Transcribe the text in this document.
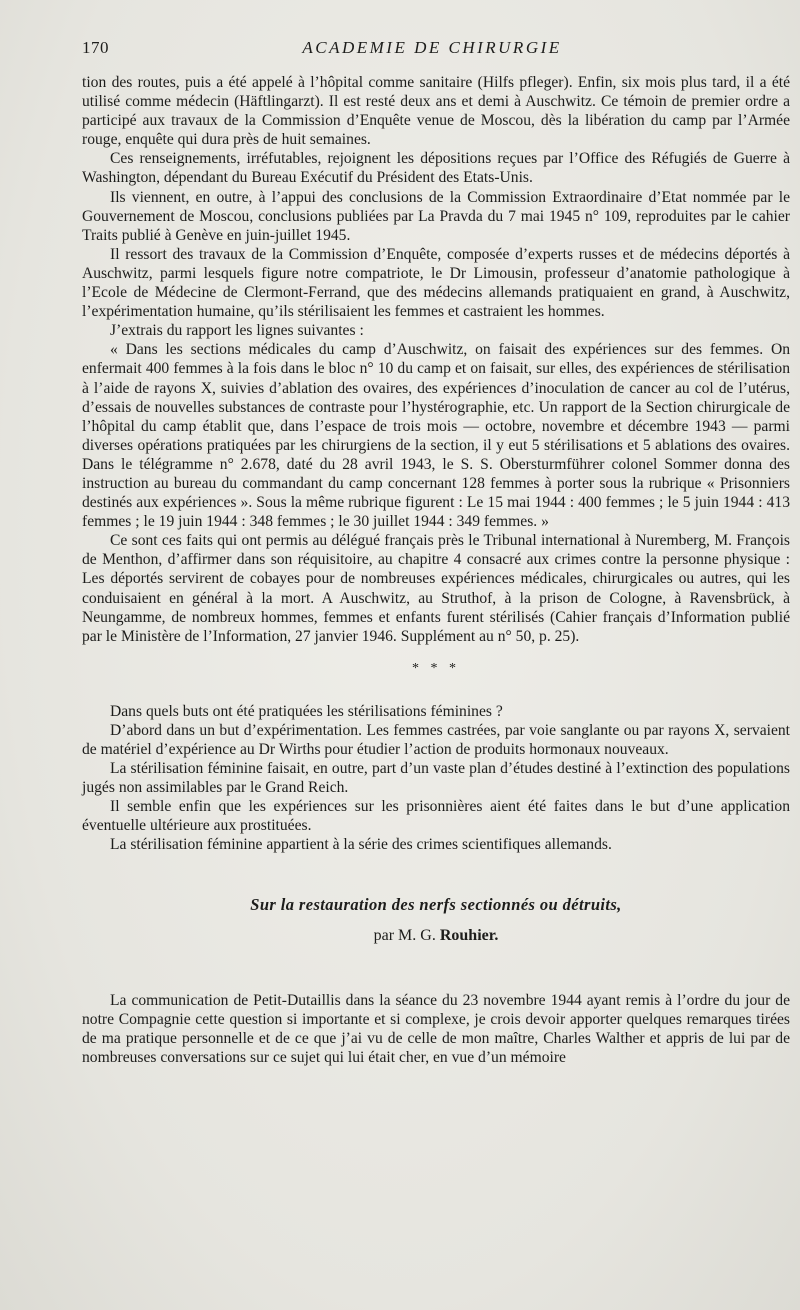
170	ACADEMIE DE CHIRURGIE

tion des routes, puis a été appelé à l’hôpital comme sanitaire (Hilfs pfleger). Enfin, six mois plus tard, il a été utilisé comme médecin (Häftlingarzt). Il est resté deux ans et demi à Auschwitz. Ce témoin de premier ordre a participé aux travaux de la Commission d’Enquête venue de Moscou, dès la libération du camp par l’Armée rouge, enquête qui dura près de huit semaines.

Ces renseignements, irréfutables, rejoignent les dépositions reçues par l’Office des Réfugiés de Guerre à Washington, dépendant du Bureau Exécutif du Président des Etats-Unis.

Ils viennent, en outre, à l’appui des conclusions de la Commission Extraordinaire d’Etat nommée par le Gouvernement de Moscou, conclusions publiées par La Pravda du 7 mai 1945 n° 109, reproduites par le cahier Traits publié à Genève en juin-juillet 1945.

Il ressort des travaux de la Commission d’Enquête, composée d’experts russes et de médecins déportés à Auschwitz, parmi lesquels figure notre compatriote, le Dr Limousin, professeur d’anatomie pathologique à l’Ecole de Médecine de Clermont-Ferrand, que des médecins allemands pratiquaient en grand, à Auschwitz, l’expérimentation humaine, qu’ils stérilisaient les femmes et castraient les hommes.

J’extrais du rapport les lignes suivantes :

« Dans les sections médicales du camp d’Auschwitz, on faisait des expériences sur des femmes. On enfermait 400 femmes à la fois dans le bloc n° 10 du camp et on faisait, sur elles, des expériences de stérilisation à l’aide de rayons X, suivies d’ablation des ovaires, des expériences d’inoculation de cancer au col de l’utérus, d’essais de nouvelles substances de contraste pour l’hystérographie, etc. Un rapport de la Section chirurgicale de l’hôpital du camp établit que, dans l’espace de trois mois — octobre, novembre et décembre 1943 — parmi diverses opérations pratiquées par les chirurgiens de la section, il y eut 5 stérilisations et 5 ablations des ovaires. Dans le télégramme n° 2.678, daté du 28 avril 1943, le S. S. Obersturmführer colonel Sommer donna des instruction au bureau du commandant du camp concernant 128 femmes à porter sous la rubrique « Prisonniers destinés aux expériences ». Sous la même rubrique figurent : Le 15 mai 1944 : 400 femmes ; le 5 juin 1944 : 413 femmes ; le 19 juin 1944 : 348 femmes ; le 30 juillet 1944 : 349 femmes. »

Ce sont ces faits qui ont permis au délégué français près le Tribunal international à Nuremberg, M. François de Menthon, d’affirmer dans son réquisitoire, au chapitre 4 consacré aux crimes contre la personne physique : Les déportés servirent de cobayes pour de nombreuses expériences médicales, chirurgicales ou autres, qui les conduisaient en général à la mort. A Auschwitz, au Struthof, à la prison de Cologne, à Ravensbrück, à Neungamme, de nombreux hommes, femmes et enfants furent stérilisés (Cahier français d’Information publié par le Ministère de l’Information, 27 janvier 1946. Supplément au n° 50, p. 25).

* * *

Dans quels buts ont été pratiquées les stérilisations féminines ?

D’abord dans un but d’expérimentation. Les femmes castrées, par voie sanglante ou par rayons X, servaient de matériel d’expérience au Dr Wirths pour étudier l’action de produits hormonaux nouveaux.

La stérilisation féminine faisait, en outre, part d’un vaste plan d’études destiné à l’extinction des populations jugés non assimilables par le Grand Reich.

Il semble enfin que les expériences sur les prisonnières aient été faites dans le but d’une application éventuelle ultérieure aux prostituées.

La stérilisation féminine appartient à la série des crimes scientifiques allemands.

Sur la restauration des nerfs sectionnés ou détruits,
par M. G. Rouhier.

La communication de Petit-Dutaillis dans la séance du 23 novembre 1944 ayant remis à l’ordre du jour de notre Compagnie cette question si importante et si complexe, je crois devoir apporter quelques remarques tirées de ma pratique personnelle et de ce que j’ai vu de celle de mon maître, Charles Walther et appris de lui par de nombreuses conversations sur ce sujet qui lui était cher, en vue d’un mémoire
